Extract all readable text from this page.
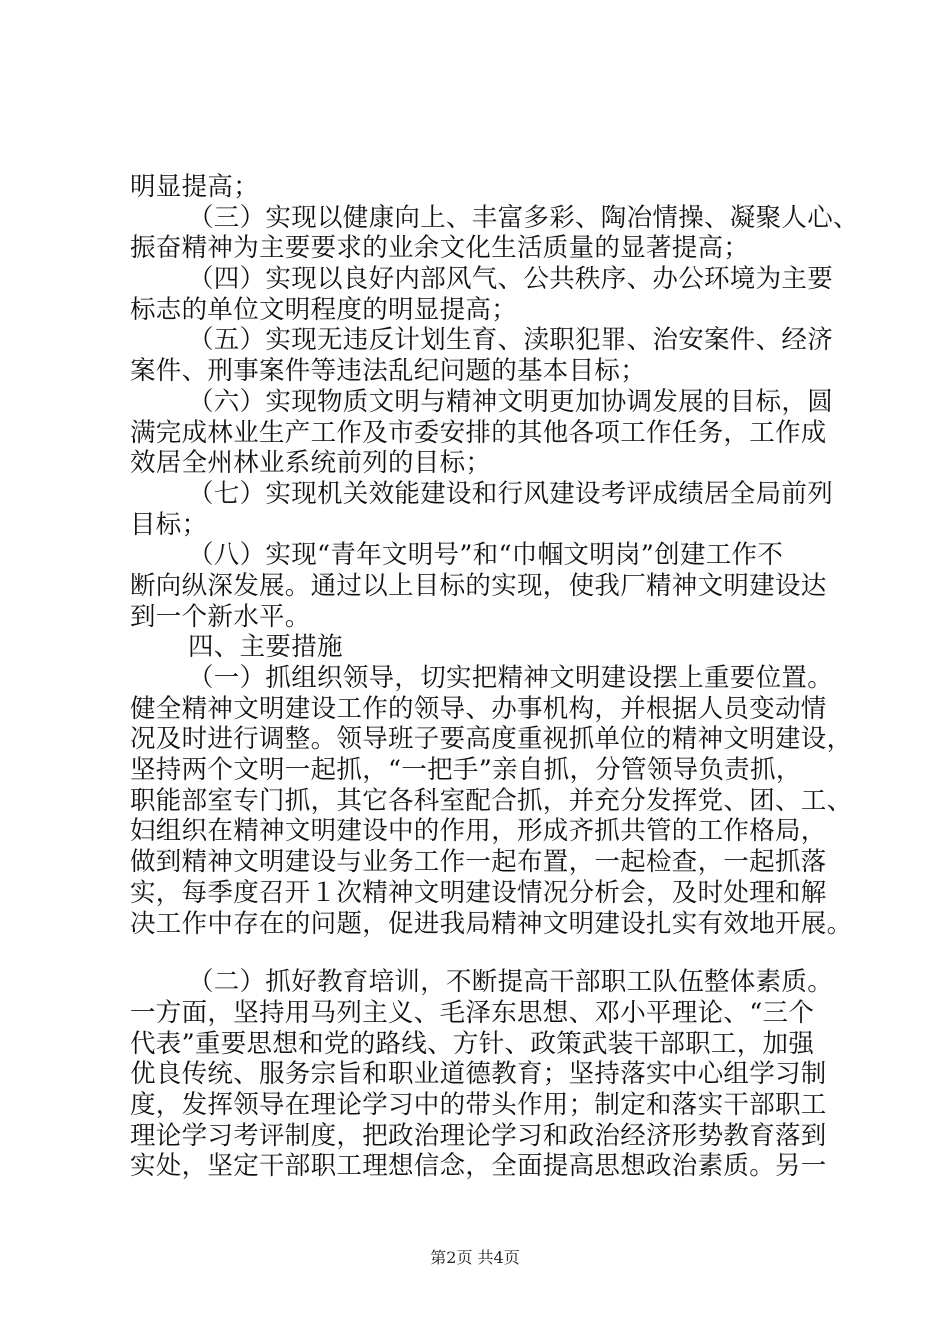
明显提高；
（三）实现以健康向上、丰富多彩、陶冶情操、凝聚人心、
振奋精神为主要要求的业余文化生活质量的显著提高；
（四）实现以良好内部风气、公共秩序、办公环境为主要
标志的单位文明程度的明显提高；
（五）实现无违反计划生育、渎职犯罪、治安案件、经济
案件、刑事案件等违法乱纪问题的基本目标；
（六）实现物质文明与精神文明更加协调发展的目标，圆
满完成林业生产工作及市委安排的其他各项工作任务，工作成
效居全州林业系统前列的目标；
（七）实现机关效能建设和行风建设考评成绩居全局前列
目标；
（八）实现“青年文明号”和“巾帼文明岗”创建工作不
断向纵深发展。通过以上目标的实现，使我厂精神文明建设达
到一个新水平。
四、主要措施
（一）抓组织领导，切实把精神文明建设摆上重要位置。
健全精神文明建设工作的领导、办事机构，并根据人员变动情
况及时进行调整。领导班子要高度重视抓单位的精神文明建设，
坚持两个文明一起抓，“一把手”亲自抓，分管领导负责抓，
职能部室专门抓，其它各科室配合抓，并充分发挥党、团、工、
妇组织在精神文明建设中的作用，形成齐抓共管的工作格局，
做到精神文明建设与业务工作一起布置，一起检查，一起抓落
实，每季度召开１次精神文明建设情况分析会，及时处理和解
决工作中存在的问题，促进我局精神文明建设扎实有效地开展。
（二）抓好教育培训，不断提高干部职工队伍整体素质。
一方面，坚持用马列主义、毛泽东思想、邓小平理论、“三个
代表”重要思想和党的路线、方针、政策武装干部职工，加强
优良传统、服务宗旨和职业道德教育；坚持落实中心组学习制
度，发挥领导在理论学习中的带头作用；制定和落实干部职工
理论学习考评制度，把政治理论学习和政治经济形势教育落到
实处，坚定干部职工理想信念，全面提高思想政治素质。另一
第2页 共4页
